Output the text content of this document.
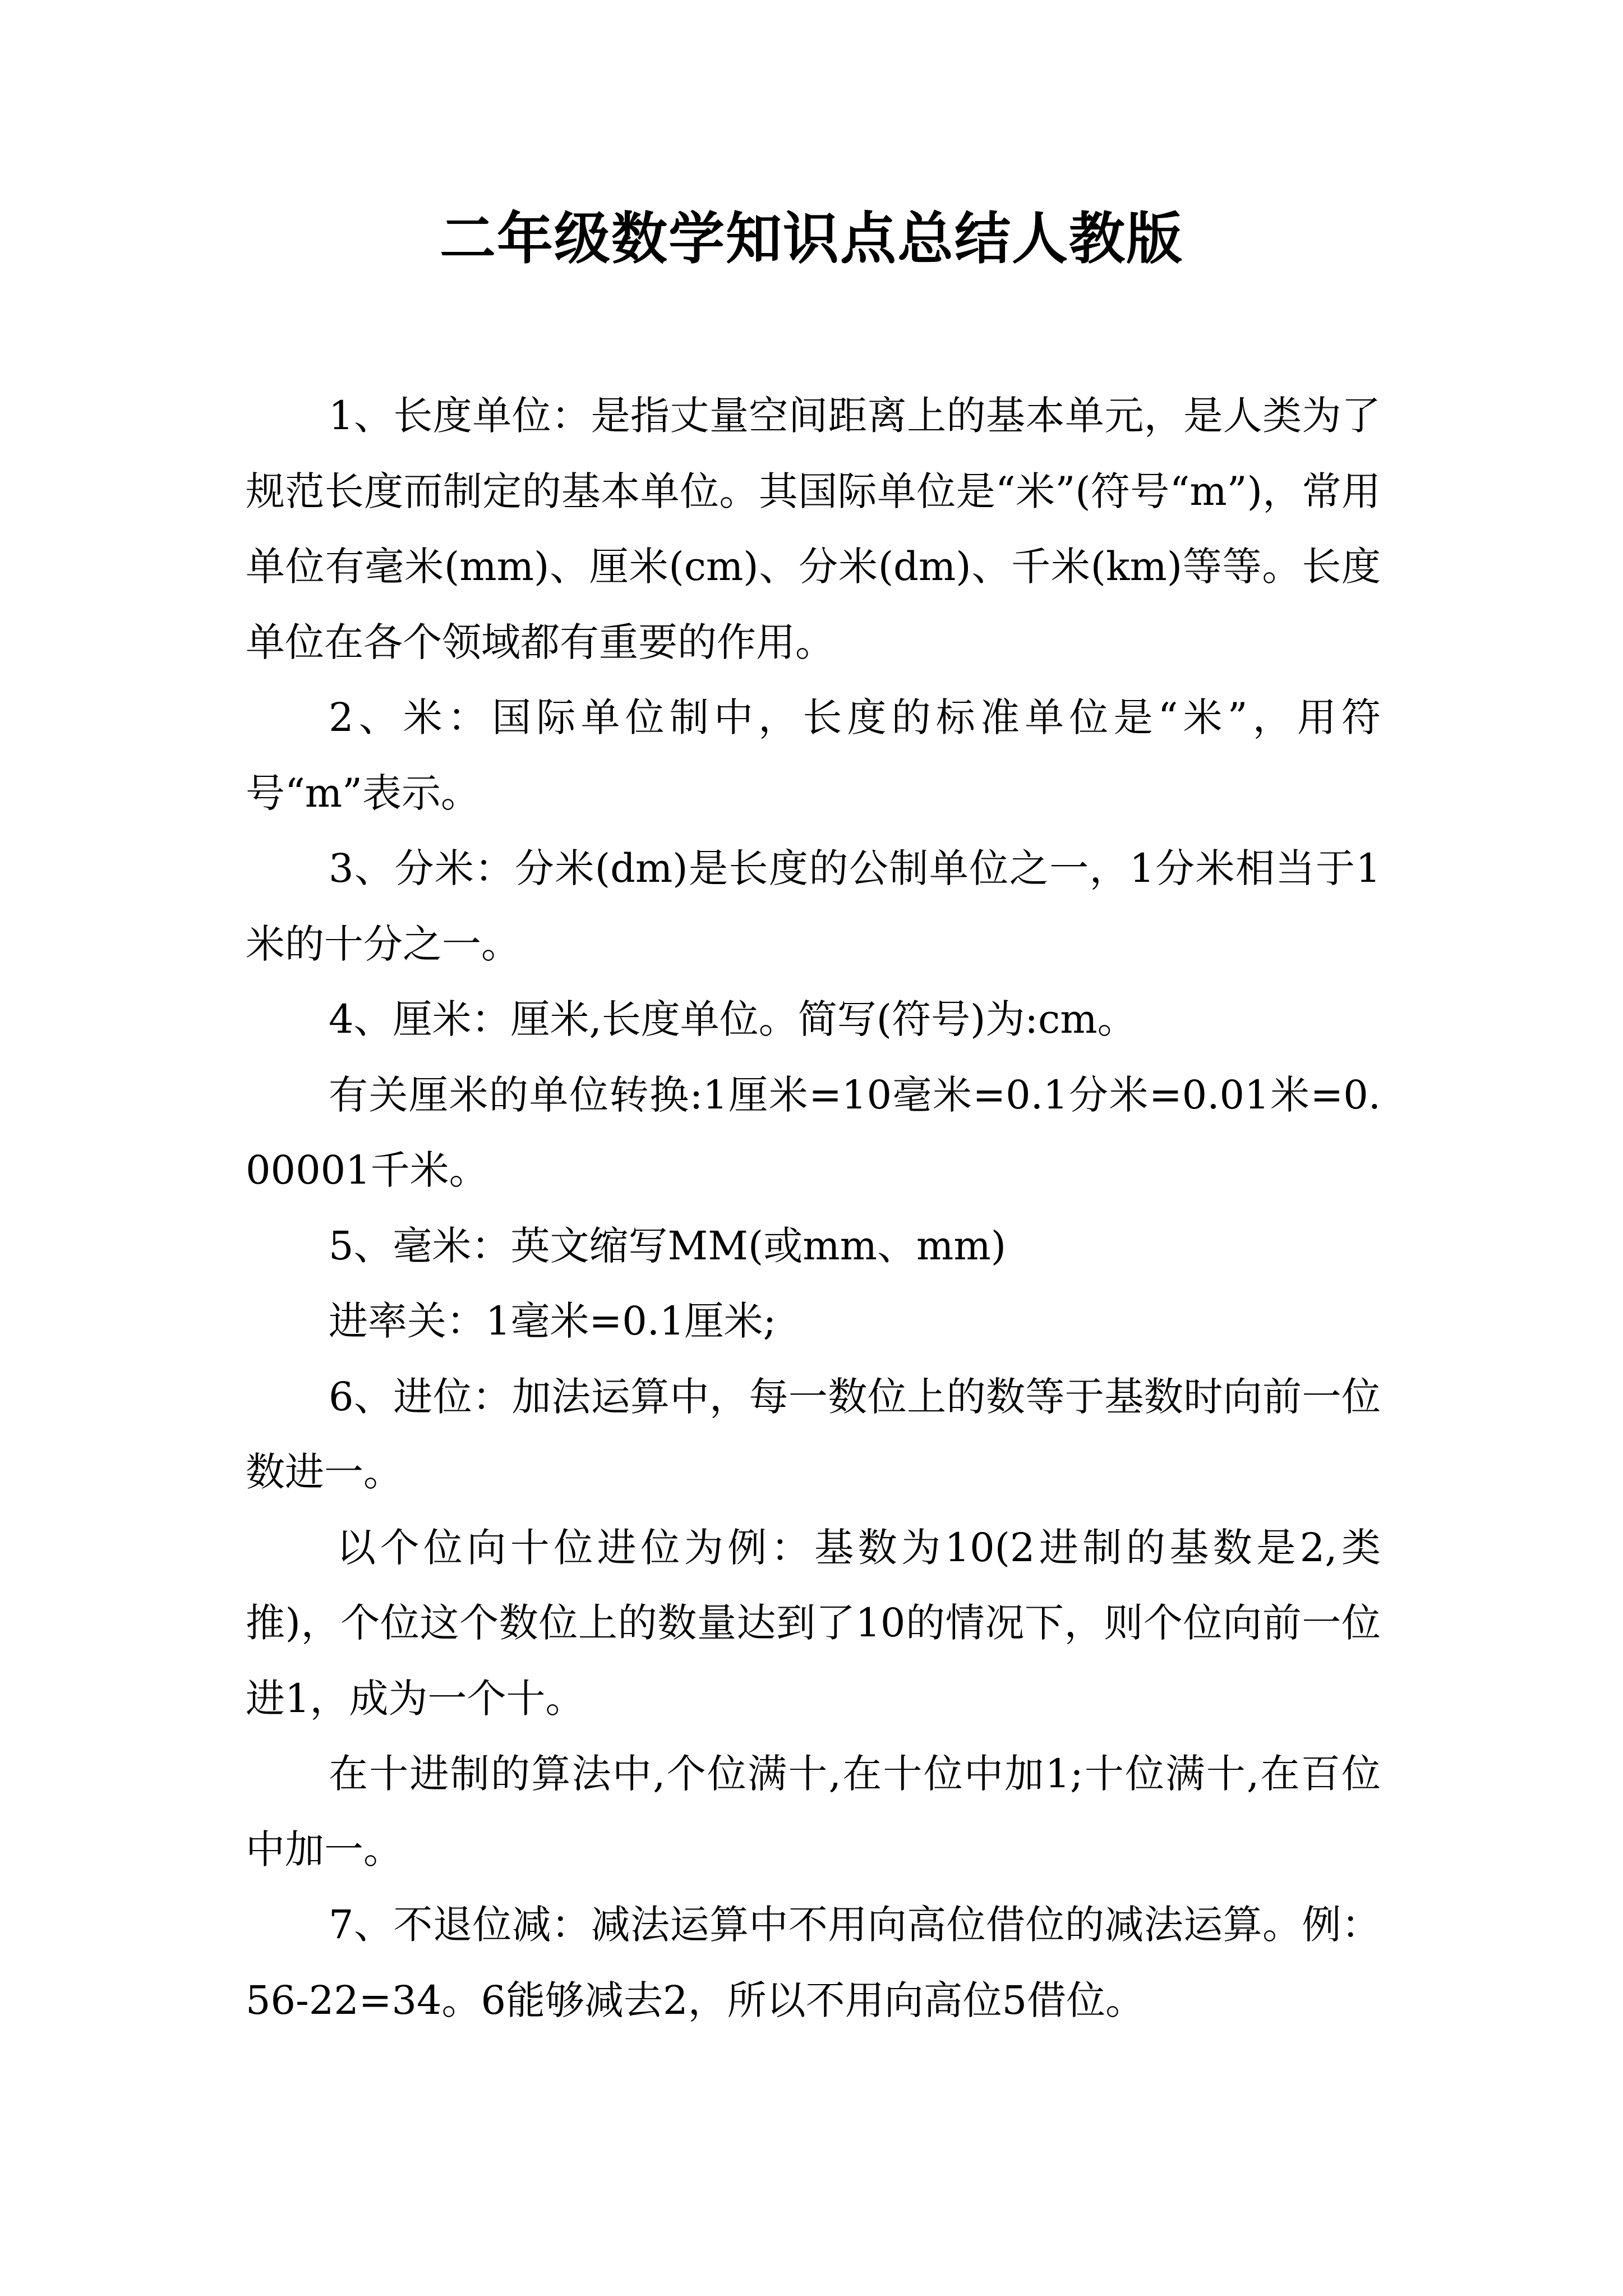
二年级数学知识点总结人教版

1、长度单位：是指丈量空间距离上的基本单元，是人类为了规范长度而制定的基本单位。其国际单位是“米”(符号“m”)，常用单位有毫米(mm)、厘米(cm)、分米(dm)、千米(km)等等。长度单位在各个领域都有重要的作用。

2、米：国际单位制中，长度的标准单位是“米”，用符号“m”表示。

3、分米：分米(dm)是长度的公制单位之一，1分米相当于1米的十分之一。

4、厘米：厘米,长度单位。简写(符号)为:cm。

有关厘米的单位转换:1厘米=10毫米=0.1分米=0.01米=0.00001千米。

5、毫米：英文缩写MM(或mm、mm)

进率关：1毫米=0.1厘米;

6、进位：加法运算中，每一数位上的数等于基数时向前一位数进一。

以个位向十位进位为例：基数为10(2进制的基数是2,类推)，个位这个数位上的数量达到了10的情况下，则个位向前一位进1，成为一个十。

在十进制的算法中,个位满十,在十位中加1;十位满十,在百位中加一。

7、不退位减：减法运算中不用向高位借位的减法运算。例：56-22=34。6能够减去2，所以不用向高位5借位。
